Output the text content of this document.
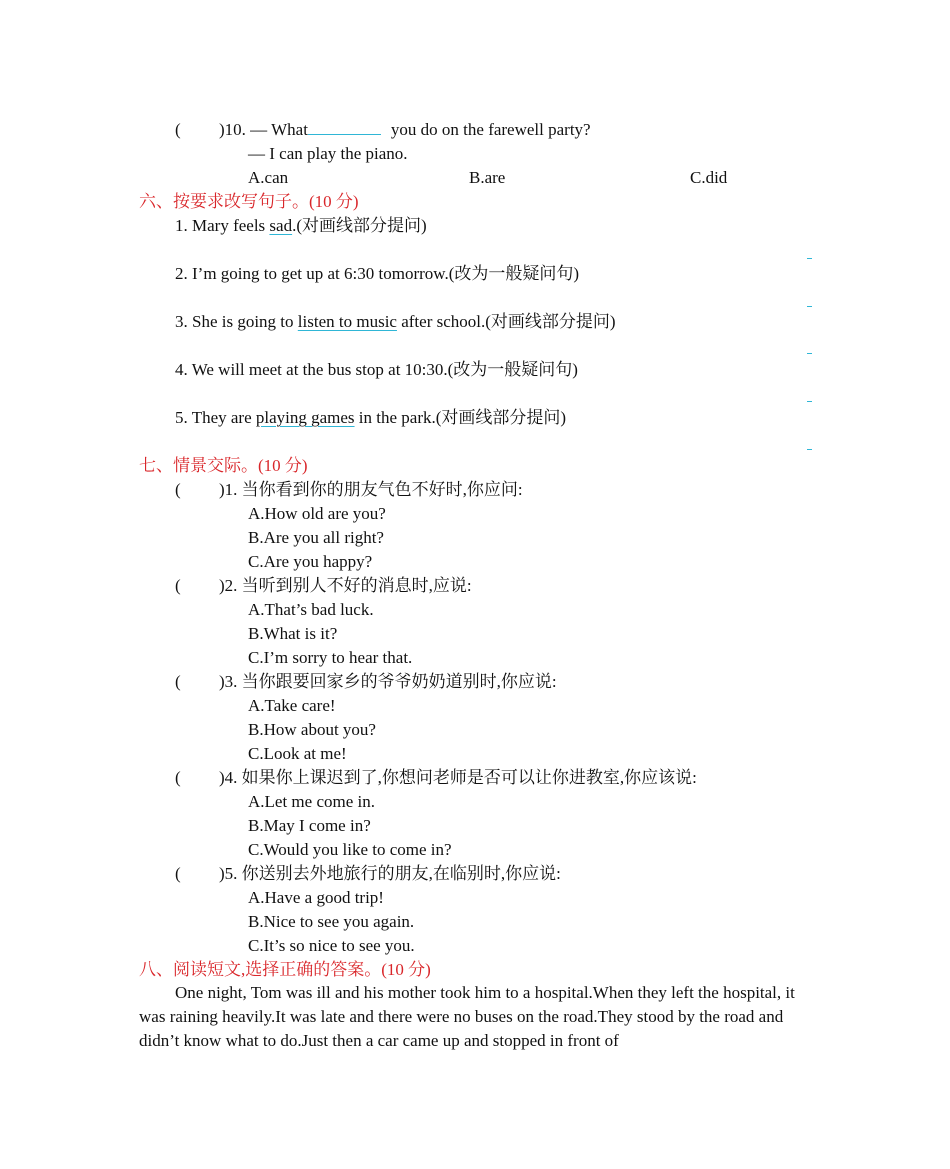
( )10. — What	you do on the farewell party?
— I can play the piano.
A.can	B.are	C.did
六、按要求改写句子。(10 分)
1. Mary feels sad.(对画线部分提问)
2. I’m going to get up at 6:30 tomorrow.(改为一般疑问句)
3. She is going to listen to music after school.(对画线部分提问)
4. We will meet at the bus stop at 10:30.(改为一般疑问句)
5. They are playing games in the park.(对画线部分提问)
七、情景交际。(10 分)
( )1. 当你看到你的朋友气色不好时,你应问:
A.How old are you?
B.Are you all right?
C.Are you happy?
( )2. 当听到别人不好的消息时,应说:
A.That’s bad luck.
B.What is it?
C.I’m sorry to hear that.
( )3. 当你跟要回家乡的爷爷奶奶道别时,你应说:
A.Take care!
B.How about you?
C.Look at me!
( )4. 如果你上课迟到了,你想问老师是否可以让你进教室,你应该说:
A.Let me come in.
B.May I come in?
C.Would you like to come in?
( )5. 你送别去外地旅行的朋友,在临别时,你应说:
A.Have a good trip!
B.Nice to see you again.
C.It’s so nice to see you.
八、阅读短文,选择正确的答案。(10 分)
One night, Tom was ill and his mother took him to a hospital.When they left the hospital, it was raining heavily.It was late and there were no buses on the road.They stood by the road and didn’t know what to do.Just then a car came up and stopped in front of
